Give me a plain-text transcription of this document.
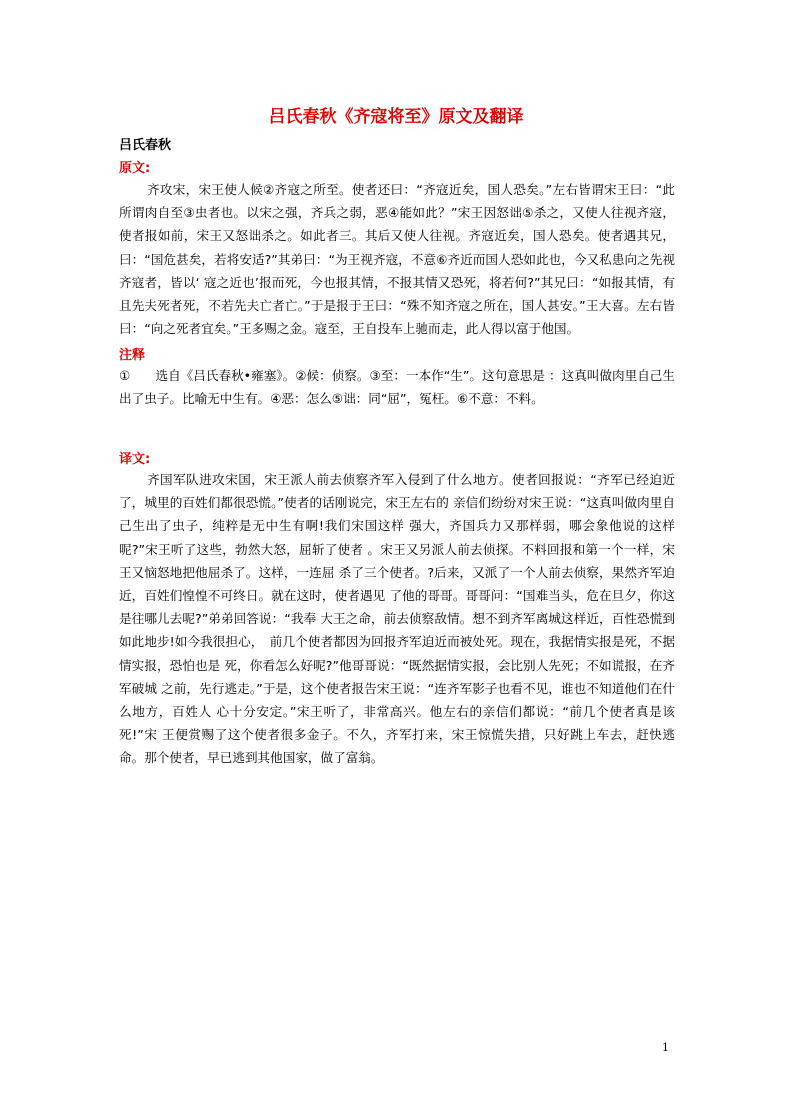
吕氏春秋《齐寇将至》原文及翻译
吕氏春秋
原文:

齐攻宋，宋王使人候②齐寇之所至。使者还曰：“齐寇近矣，国人恐矣。”左右皆谓宋王曰：“此所谓肉自至③虫者也。以宋之强，齐兵之弱，恶④能如此？”宋王因怒诎⑤杀之，又使人往视齐寇，使者报如前，宋王又怒诎杀之。如此者三。其后又使人往视。齐寇近矣，国人恐矣。使者遇其兄，曰：“国危甚矣，若将安适?”其弟曰：“为王视齐寇，不意⑥齐近而国人恐如此也，今又私患向之先视齐寇者，皆以‘ 寇之近也’报而死，今也报其情，不报其情又恐死，将若何?”其兄曰：“如报其情，有且先夫死者死，不若先夫亡者亡。”于是报于王曰：“殊不知齐寇之所在，国人甚安。”王大喜。左右皆曰：“向之死者宜矣。”王多赐之金。寇至，王自投车上驰而走，此人得以富于他国。

注释

①　　选自《吕氏春秋•雍塞》。②候：侦察。③至：一本作“生”。这句意思是 ：这真叫做肉里自己生出了虫子。比喻无中生有。④恶：怎么⑤诎：同“屈”，冤枉。⑥不意：不料。

译文:

齐国军队进攻宋国，宋王派人前去侦察齐军入侵到了什么地方。使者回报说：“齐军已经迫近了，城里的百姓们都很恐慌。”使者的话刚说完，宋王左右的 亲信们纷纷对宋王说：“这真叫做肉里自己生出了虫子，纯粹是无中生有啊!我们宋国这样 强大，齐国兵力又那样弱，哪会象他说的这样呢?”宋王听了这些，勃然大怒，屈斩了使者 。宋王又另派人前去侦探。不料回报和第一个一样，宋王又恼怒地把他屈杀了。这样，一连屈 杀了三个使者。?后来，又派了一个人前去侦察，果然齐军迫近，百姓们惶惶不可终日。就在这时，使者遇见 了他的哥哥。哥哥问：“国难当头，危在旦夕，你这是往哪儿去呢?”弟弟回答说：“我奉 大王之命，前去侦察敌情。想不到齐军离城这样近，百性恐慌到如此地步!如今我很担心，　前几个使者都因为回报齐军迫近而被处死。现在，我据情实报是死，不据情实报，恐怕也是 死，你看怎么好呢?”他哥哥说：“既然据情实报，会比别人先死；不如谎报，在齐军破城 之前，先行逃走。”于是，这个使者报告宋王说：“连齐军影子也看不见，谁也不知道他们在什么地方，百姓人 心十分安定。”宋王听了，非常高兴。他左右的亲信们都说：“前几个使者真是该死!”宋 王便赏赐了这个使者很多金子。不久，齐军打来，宋王惊慌失措，只好跳上车去，赶快逃命。那个使者，早已逃到其他国家，做了富翁。

1
